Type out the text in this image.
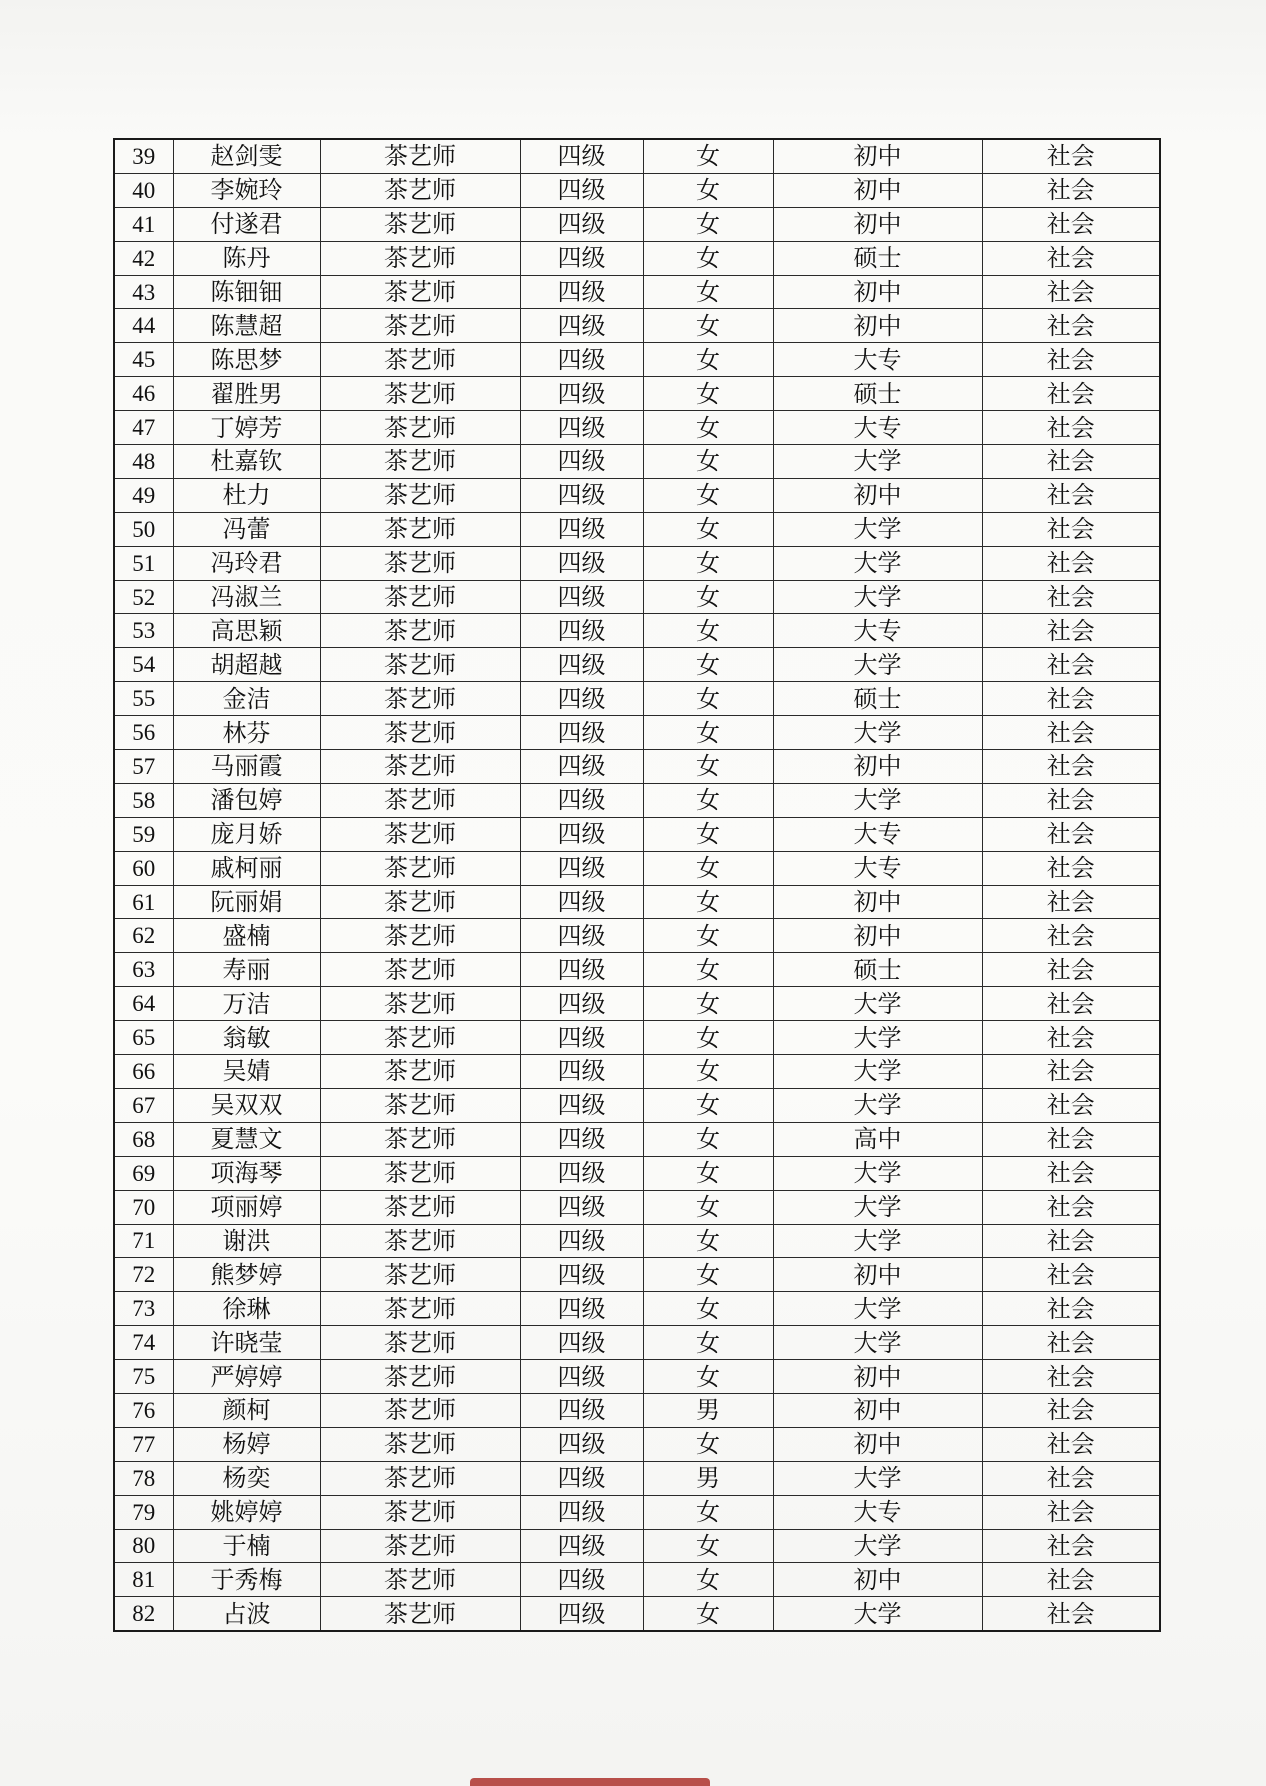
39	赵剑雯	茶艺师	四级	女	初中	社会
40	李婉玲	茶艺师	四级	女	初中	社会
41	付遂君	茶艺师	四级	女	初中	社会
42	陈丹	茶艺师	四级	女	硕士	社会
43	陈钿钿	茶艺师	四级	女	初中	社会
44	陈慧超	茶艺师	四级	女	初中	社会
45	陈思梦	茶艺师	四级	女	大专	社会
46	翟胜男	茶艺师	四级	女	硕士	社会
47	丁婷芳	茶艺师	四级	女	大专	社会
48	杜嘉钦	茶艺师	四级	女	大学	社会
49	杜力	茶艺师	四级	女	初中	社会
50	冯蕾	茶艺师	四级	女	大学	社会
51	冯玲君	茶艺师	四级	女	大学	社会
52	冯淑兰	茶艺师	四级	女	大学	社会
53	高思颖	茶艺师	四级	女	大专	社会
54	胡超越	茶艺师	四级	女	大学	社会
55	金洁	茶艺师	四级	女	硕士	社会
56	林芬	茶艺师	四级	女	大学	社会
57	马丽霞	茶艺师	四级	女	初中	社会
58	潘包婷	茶艺师	四级	女	大学	社会
59	庞月娇	茶艺师	四级	女	大专	社会
60	戚柯丽	茶艺师	四级	女	大专	社会
61	阮丽娟	茶艺师	四级	女	初中	社会
62	盛楠	茶艺师	四级	女	初中	社会
63	寿丽	茶艺师	四级	女	硕士	社会
64	万洁	茶艺师	四级	女	大学	社会
65	翁敏	茶艺师	四级	女	大学	社会
66	吴婧	茶艺师	四级	女	大学	社会
67	吴双双	茶艺师	四级	女	大学	社会
68	夏慧文	茶艺师	四级	女	高中	社会
69	项海琴	茶艺师	四级	女	大学	社会
70	项丽婷	茶艺师	四级	女	大学	社会
71	谢洪	茶艺师	四级	女	大学	社会
72	熊梦婷	茶艺师	四级	女	初中	社会
73	徐琳	茶艺师	四级	女	大学	社会
74	许晓莹	茶艺师	四级	女	大学	社会
75	严婷婷	茶艺师	四级	女	初中	社会
76	颜柯	茶艺师	四级	男	初中	社会
77	杨婷	茶艺师	四级	女	初中	社会
78	杨奕	茶艺师	四级	男	大学	社会
79	姚婷婷	茶艺师	四级	女	大专	社会
80	于楠	茶艺师	四级	女	大学	社会
81	于秀梅	茶艺师	四级	女	初中	社会
82	占波	茶艺师	四级	女	大学	社会
